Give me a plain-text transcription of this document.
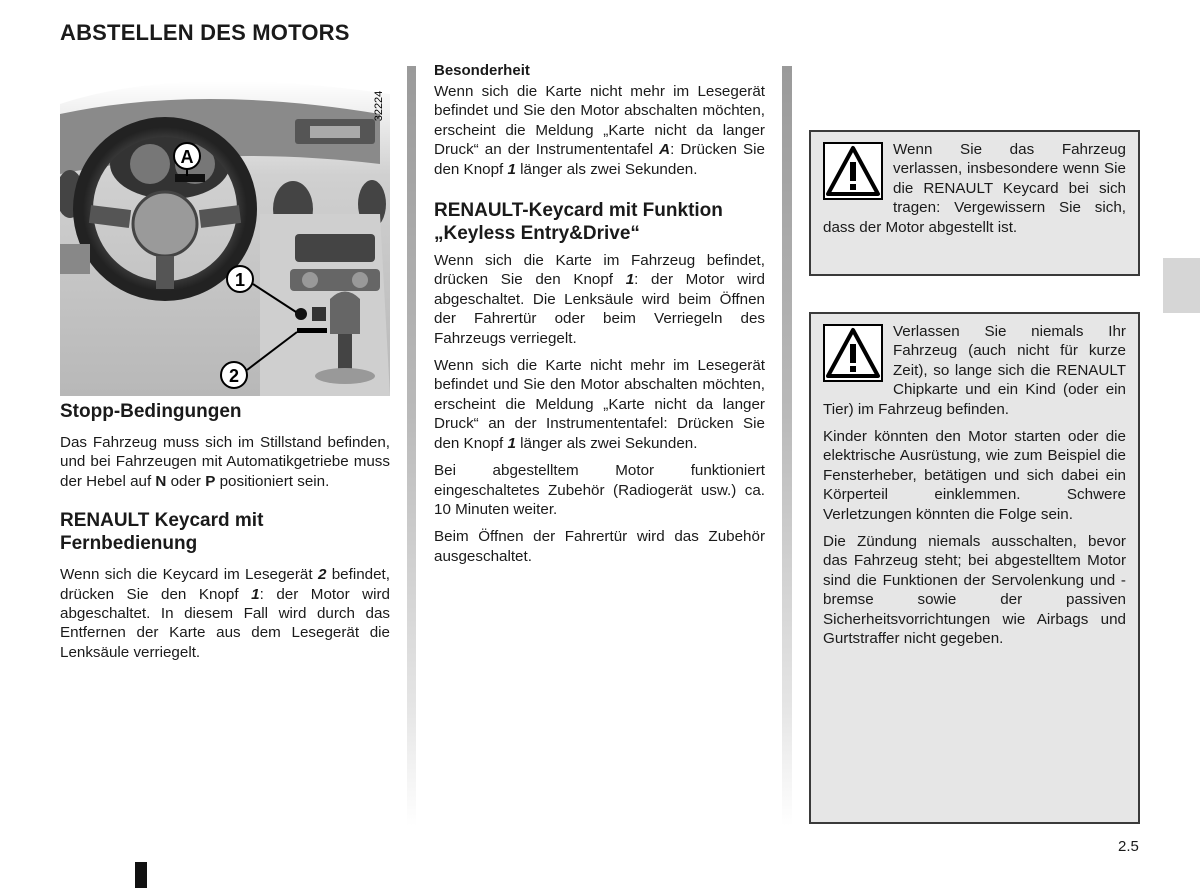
ABSTELLEN DES MOTORS
A
1
2
32224
Stopp-Bedingungen

Das Fahrzeug muss sich im Stillstand befinden, und bei Fahrzeugen mit Automatikgetriebe muss der Hebel auf N oder P positioniert sein.

RENAULT Keycard mit Fernbedienung

Wenn sich die Keycard im Lesegerät 2 befindet, drücken Sie den Knopf 1: der Motor wird abgeschaltet. In diesem Fall wird durch das Entfernen der Karte aus dem Lesegerät die Lenksäule verriegelt.

Besonderheit

Wenn sich die Karte nicht mehr im Lesegerät befindet und Sie den Motor abschalten möchten, erscheint die Meldung „Karte nicht da langer Druck“ an der Instrumententafel A: Drücken Sie den Knopf 1 länger als zwei Sekunden.

RENAULT-Keycard mit Funktion „Keyless Entry&Drive“

Wenn sich die Karte im Fahrzeug befindet, drücken Sie den Knopf 1: der Motor wird abgeschaltet. Die Lenksäule wird beim Öffnen der Fahrertür oder beim Verriegeln des Fahrzeugs verriegelt.

Wenn sich die Karte nicht mehr im Lesegerät befindet und Sie den Motor abschalten möchten, erscheint die Meldung „Karte nicht da langer Druck“ an der Instrumententafel: Drücken Sie den Knopf 1 länger als zwei Sekunden.

Bei abgestelltem Motor funktioniert eingeschaltetes Zubehör (Radiogerät usw.) ca. 10 Minuten weiter.

Beim Öffnen der Fahrertür wird das Zubehör ausgeschaltet.

Wenn Sie das Fahrzeug verlassen, insbesondere wenn Sie die RENAULT Keycard bei sich tragen: Vergewissern Sie sich, dass der Motor abgestellt ist.

Verlassen Sie niemals Ihr Fahrzeug (auch nicht für kurze Zeit), so lange sich die RENAULT Chipkarte und ein Kind (oder ein Tier) im Fahrzeug befinden.

Kinder könnten den Motor starten oder die elektrische Ausrüstung, wie zum Beispiel die Fensterheber, betätigen und sich dabei ein Körperteil einklemmen. Schwere Verletzungen könnten die Folge sein.

Die Zündung niemals ausschalten, bevor das Fahrzeug steht; bei abgestelltem Motor sind die Funktionen der Servolenkung und -bremse sowie der passiven Sicherheitsvorrichtungen wie Airbags und Gurtstraffer nicht gegeben.

2.5
